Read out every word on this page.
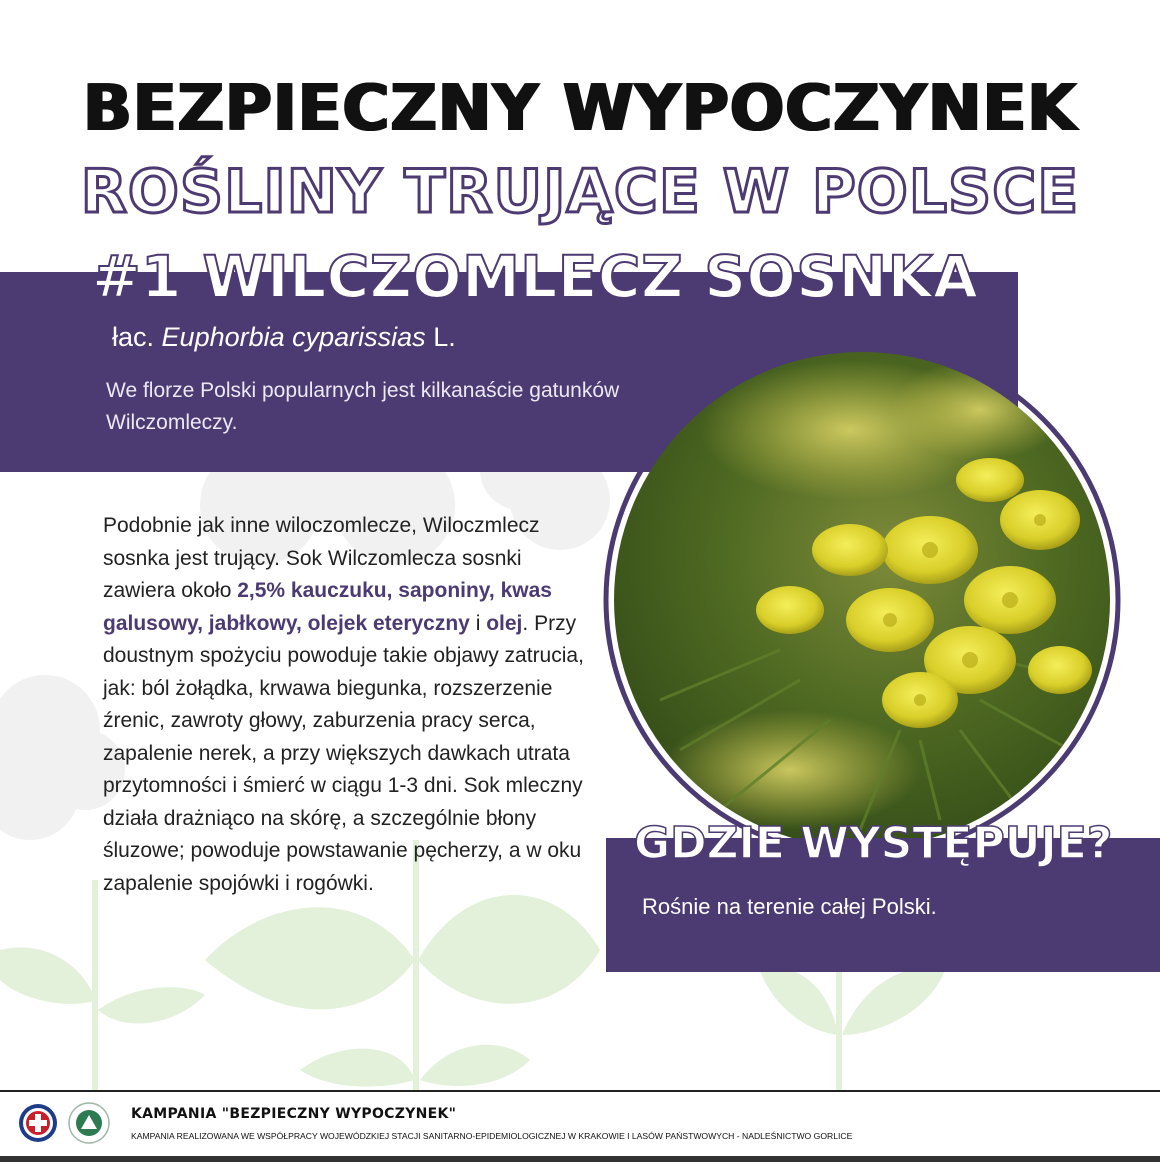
BEZPIECZNY WYPOCZYNEK
ROŚLINY TRUJĄCE W POLSCE
#1 WILCZOMLECZ SOSNKA
łac. Euphorbia cyparissias L.
We florze Polski popularnych jest kilkanaście gatunków Wilczomleczy.
Podobnie jak inne wiloczomlecze, Wiloczmlecz sosnka jest trujący. Sok Wilczomlecza sosnki zawiera około 2,5% kauczuku, saponiny, kwas galusowy, jabłkowy, olejek eteryczny i olej. Przy doustnym spożyciu powoduje takie objawy zatrucia, jak: ból żołądka, krwawa biegunka, rozszerzenie źrenic, zawroty głowy, zaburzenia pracy serca, zapalenie nerek, a przy większych dawkach utrata przytomności i śmierć w ciągu 1-3 dni. Sok mleczny działa drażniąco na skórę, a szczególnie błony śluzowe; powoduje powstawanie pęcherzy, a w oku zapalenie spojówki i rogówki.
GDZIE WYSTĘPUJE?
Rośnie na terenie całej Polski.
KAMPANIA "BEZPIECZNY WYPOCZYNEK"
KAMPANIA REALIZOWANA WE WSPÓŁPRACY WOJEWÓDZKIEJ STACJI SANITARNO-EPIDEMIOLOGICZNEJ W KRAKOWIE I LASÓW PAŃSTWOWYCH - NADLEŚNICTWO GORLICE
